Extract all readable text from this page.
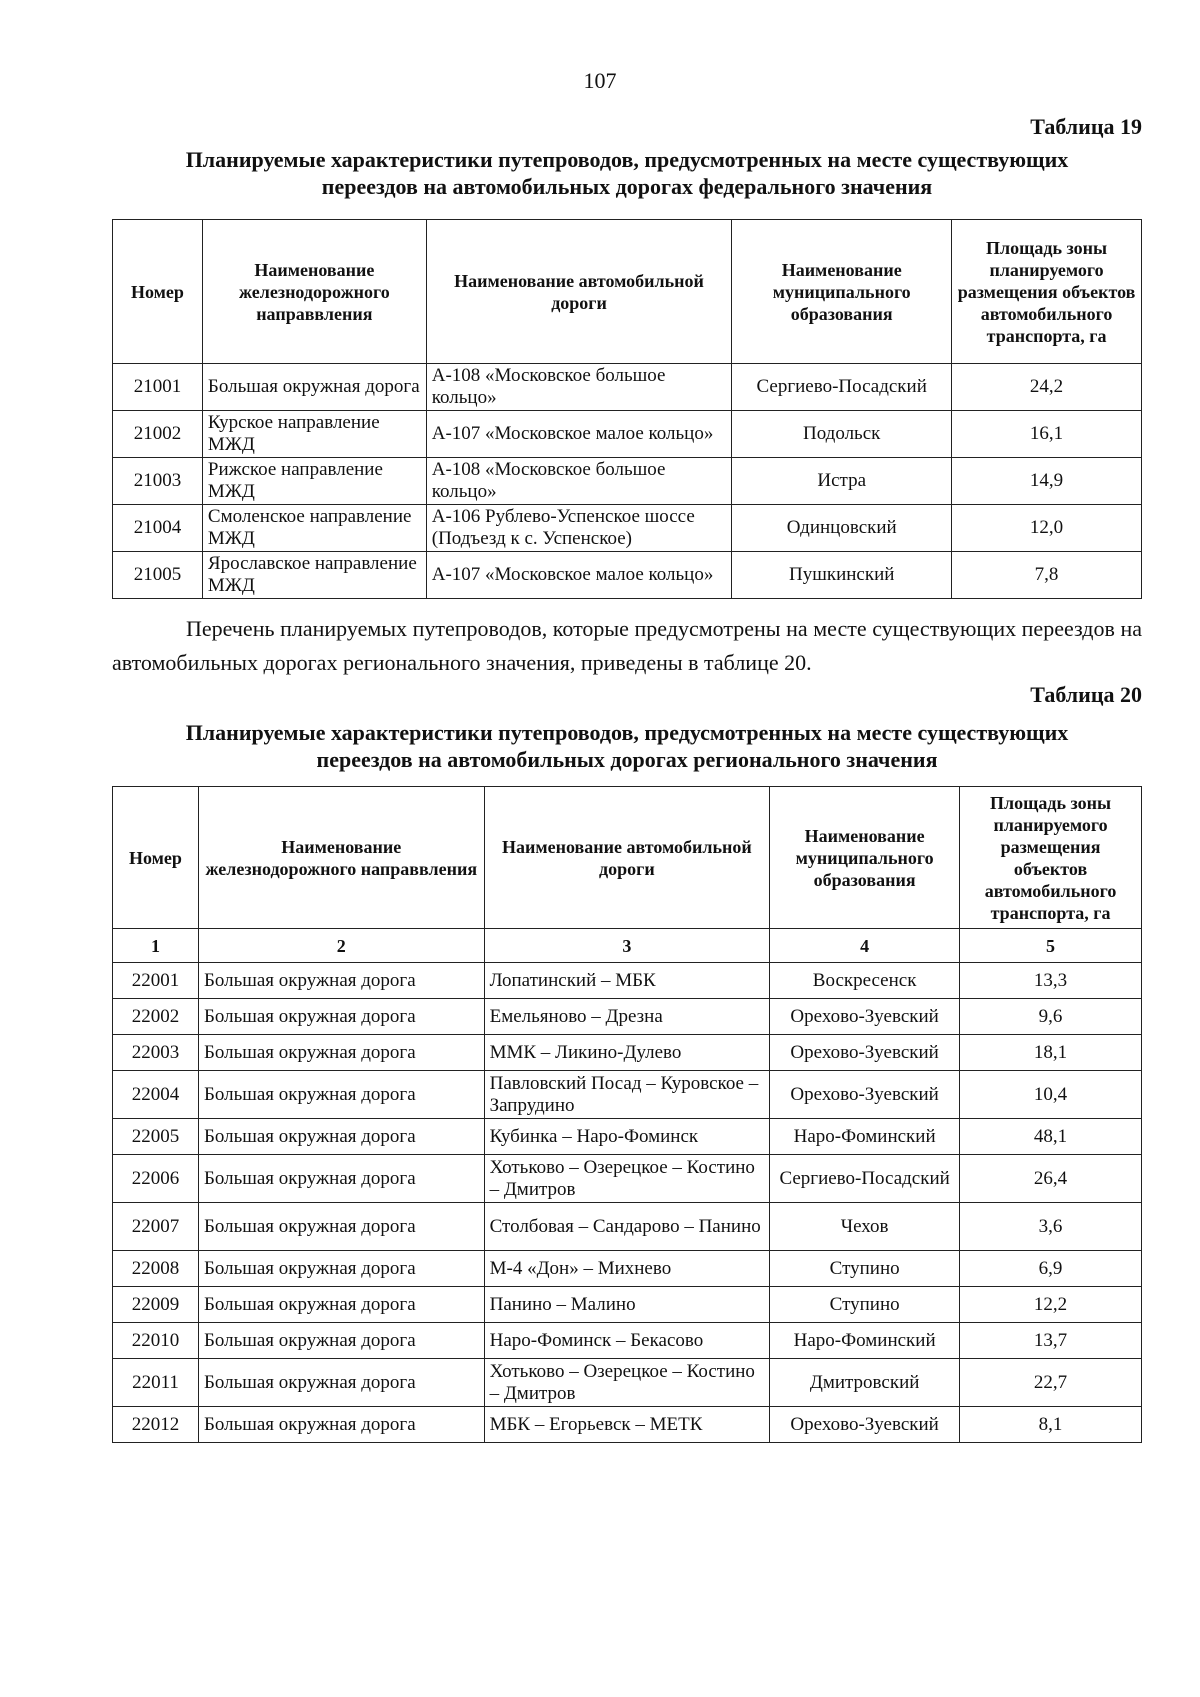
107
Таблица 19
Планируемые характеристики путепроводов, предусмотренных на месте существующих
переездов на автомобильных дорогах федерального значения
Номер	Наименование железнодорожного направвления	Наименование автомобильной дороги	Наименование муниципального образования	Площадь зоны планируемого размещения объектов автомобильного транспорта, га
21001	Большая окружная дорога	А-108 «Московское большое кольцо»	Сергиево-Посадский	24,2
21002	Курское направление МЖД	А-107 «Московское малое кольцо»	Подольск	16,1
21003	Рижское направление МЖД	А-108 «Московское большое кольцо»	Истра	14,9
21004	Смоленское направление МЖД	А-106 Рублево-Успенское шоссе (Подъезд к с. Успенское)	Одинцовский	12,0
21005	Ярославское направление МЖД	А-107 «Московское малое кольцо»	Пушкинский	7,8
Перечень планируемых путепроводов, которые предусмотрены на месте существующих переездов на автомобильных дорогах регионального значения, приведены в таблице 20.
Таблица 20
Планируемые характеристики путепроводов, предусмотренных на месте существующих
переездов на автомобильных дорогах регионального значения
Номер	Наименование железнодорожного направвления	Наименование автомобильной дороги	Наименование муниципального образования	Площадь зоны планируемого размещения объектов автомобильного транспорта, га
1	2	3	4	5
22001	Большая окружная дорога	Лопатинский – МБК	Воскресенск	13,3
22002	Большая окружная дорога	Емельяново – Дрезна	Орехово-Зуевский	9,6
22003	Большая окружная дорога	ММК – Ликино-Дулево	Орехово-Зуевский	18,1
22004	Большая окружная дорога	Павловский Посад – Куровское – Запрудино	Орехово-Зуевский	10,4
22005	Большая окружная дорога	Кубинка – Наро-Фоминск	Наро-Фоминский	48,1
22006	Большая окружная дорога	Хотьково – Озерецкое – Костино – Дмитров	Сергиево-Посадский	26,4
22007	Большая окружная дорога	Столбовая – Сандарово – Панино	Чехов	3,6
22008	Большая окружная дорога	М-4 «Дон» – Михнево	Ступино	6,9
22009	Большая окружная дорога	Панино – Малино	Ступино	12,2
22010	Большая окружная дорога	Наро-Фоминск – Бекасово	Наро-Фоминский	13,7
22011	Большая окружная дорога	Хотьково – Озерецкое – Костино – Дмитров	Дмитровский	22,7
22012	Большая окружная дорога	МБК – Егорьевск – МЕТК	Орехово-Зуевский	8,1
